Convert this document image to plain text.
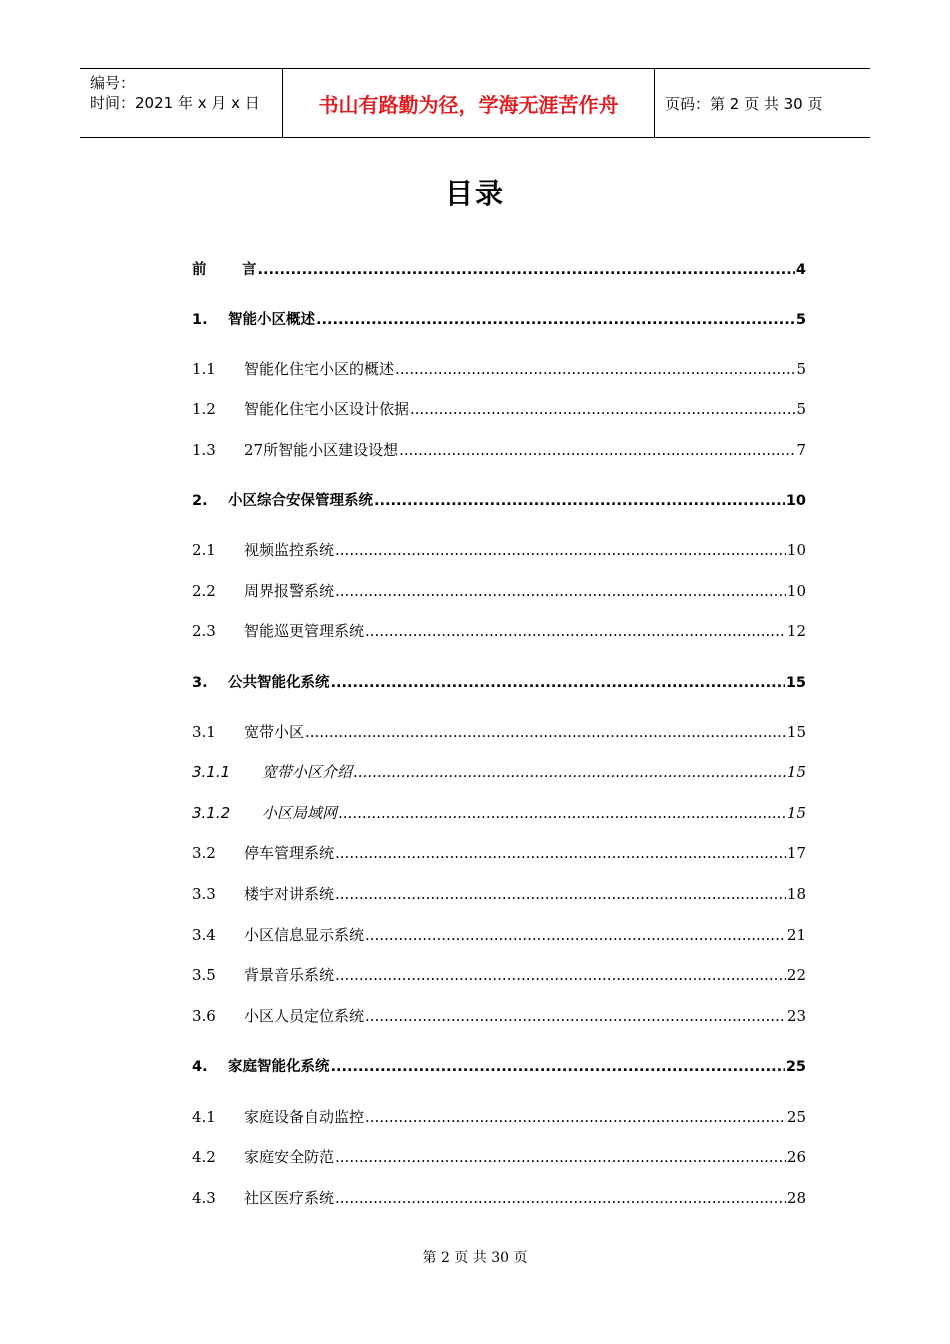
编号：
时间：2021 年 x 月 x 日	书山有路勤为径，学海无涯苦作舟	页码：第 2 页 共 30 页
目录
前	言 .....	4
1.	智能小区概述 .....	5
1.1	智能化住宅小区的概述 .....	5
1.2	智能化住宅小区设计依据 .....	5
1.3	27所智能小区建设设想 .....	7
2.	小区综合安保管理系统 .....	10
2.1	视频监控系统 .....	10
2.2	周界报警系统 .....	10
2.3	智能巡更管理系统 .....	12
3.	公共智能化系统 .....	15
3.1	宽带小区 .....	15
3.1.1	宽带小区介绍 .....	15
3.1.2	小区局域网 .....	15
3.2	停车管理系统 .....	17
3.3	楼宇对讲系统 .....	18
3.4	小区信息显示系统 .....	21
3.5	背景音乐系统 .....	22
3.6	小区人员定位系统 .....	23
4.	家庭智能化系统 .....	25
4.1	家庭设备自动监控 .....	25
4.2	家庭安全防范 .....	26
4.3	社区医疗系统 .....	28
第 2 页 共 30 页
